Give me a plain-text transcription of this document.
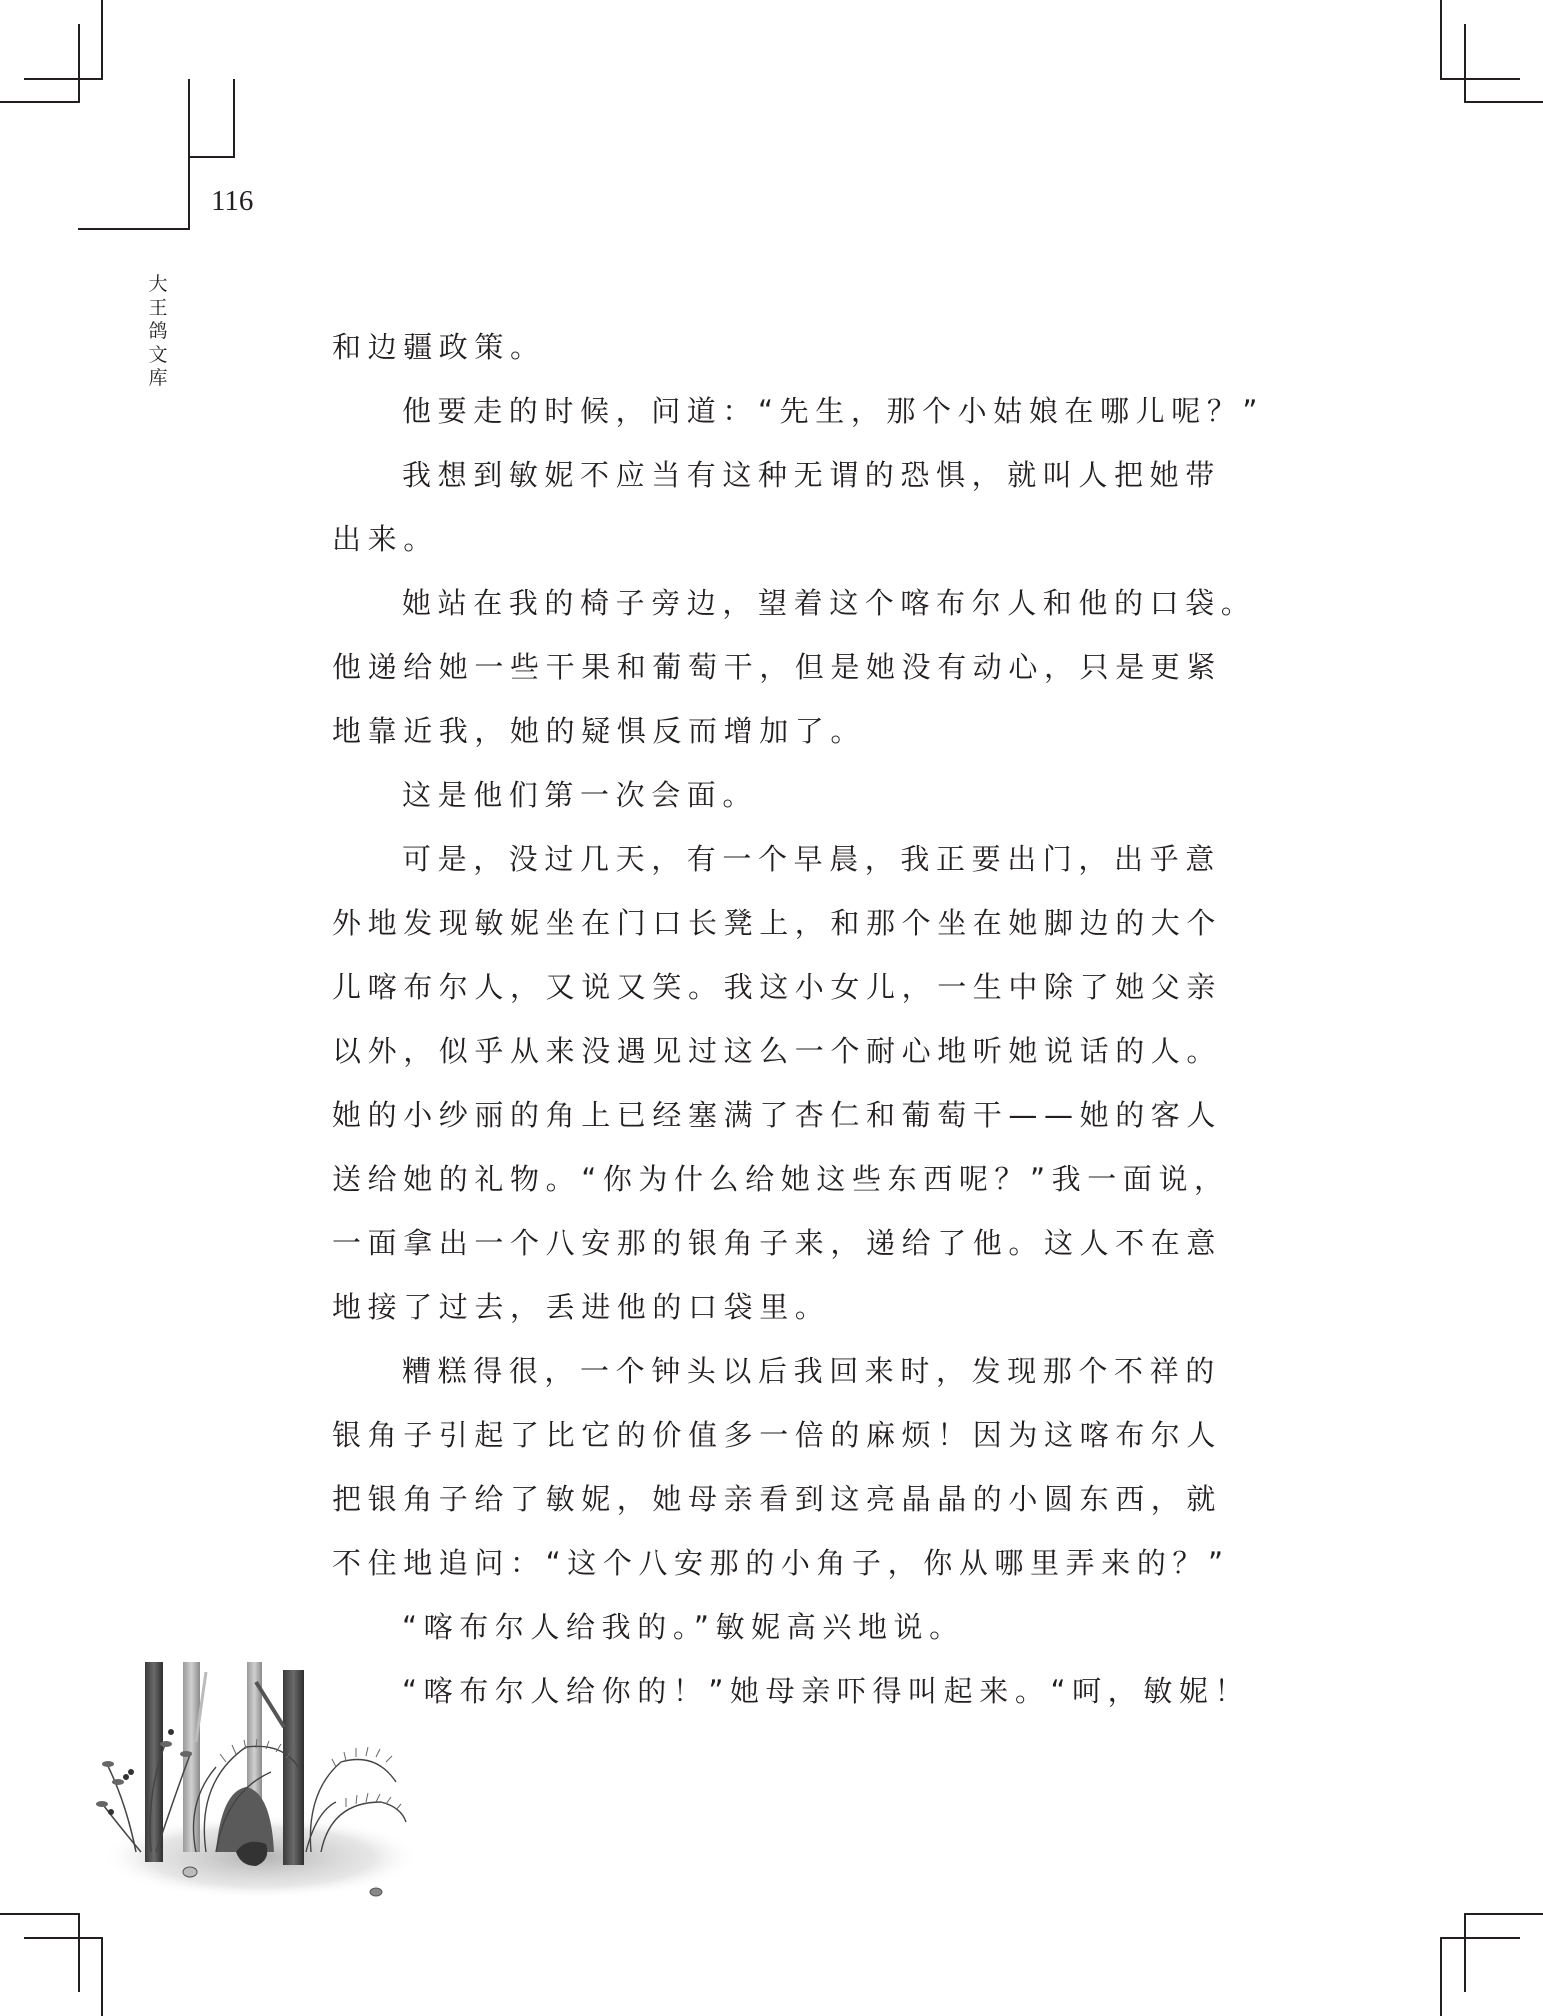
116
大
王
鸽
文
库
和边疆政策。
他要走的时候，问道：“先生，那个小姑娘在哪儿呢？”
我想到敏妮不应当有这种无谓的恐惧，就叫人把她带
出来。
她站在我的椅子旁边，望着这个喀布尔人和他的口袋。
他递给她一些干果和葡萄干，但是她没有动心，只是更紧
地靠近我，她的疑惧反而增加了。
这是他们第一次会面。
可是，没过几天，有一个早晨，我正要出门，出乎意
外地发现敏妮坐在门口长凳上，和那个坐在她脚边的大个
儿喀布尔人，又说又笑。我这小女儿，一生中除了她父亲
以外，似乎从来没遇见过这么一个耐心地听她说话的人。
她的小纱丽的角上已经塞满了杏仁和葡萄干——她的客人
送给她的礼物。“你为什么给她这些东西呢？”我一面说，
一面拿出一个八安那的银角子来，递给了他。这人不在意
地接了过去，丢进他的口袋里。
糟糕得很，一个钟头以后我回来时，发现那个不祥的
银角子引起了比它的价值多一倍的麻烦！因为这喀布尔人
把银角子给了敏妮，她母亲看到这亮晶晶的小圆东西，就
不住地追问：“这个八安那的小角子，你从哪里弄来的？”
“喀布尔人给我的。”敏妮高兴地说。
“喀布尔人给你的！”她母亲吓得叫起来。“呵，敏妮！
